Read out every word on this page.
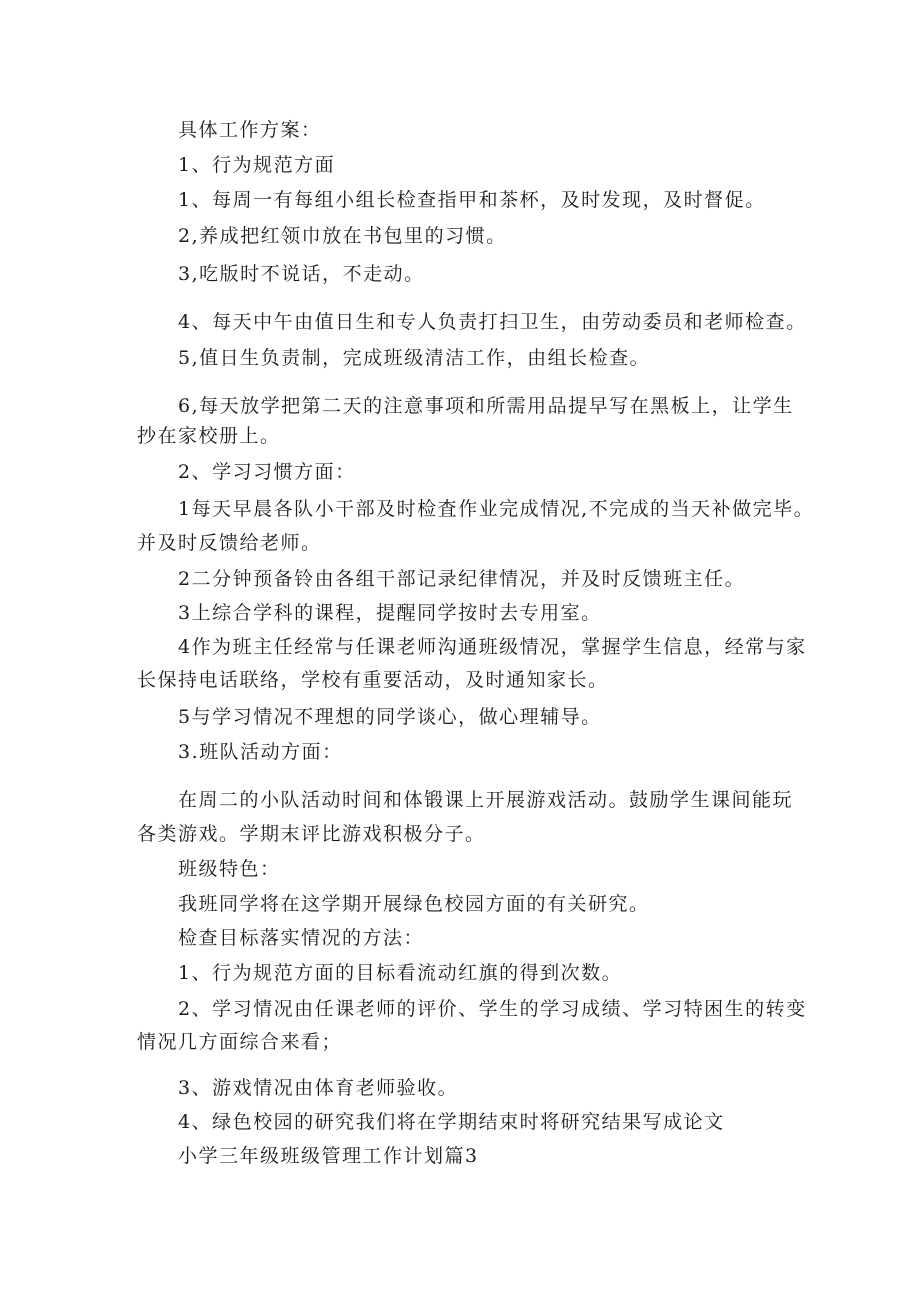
具体工作方案：
1、行为规范方面
1、每周一有每组小组长检查指甲和茶杯，及时发现，及时督促。
2,养成把红领巾放在书包里的习惯。
3,吃版时不说话，不走动。
4、每天中午由值日生和专人负责打扫卫生，由劳动委员和老师检查。
5,值日生负责制，完成班级清洁工作，由组长检查。
6,每天放学把第二天的注意事项和所需用品提早写在黑板上，让学生
抄在家校册上。
2、学习习惯方面：
1每天早晨各队小干部及时检査作业完成情况,不完成的当天补做完毕。
并及时反馈给老师。
2二分钟预备铃由各组干部记录纪律情况，并及时反馈班主任。
3上综合学科的课程，提醒同学按时去专用室。
4作为班主任经常与任课老师沟通班级情况，掌握学生信息，经常与家
长保持电话联络，学校有重要活动，及时通知家长。
5与学习情况不理想的同学谈心，做心理辅导。
3.班队活动方面：
在周二的小队活动时间和体锻课上开展游戏活动。鼓励学生课间能玩
各类游戏。学期末评比游戏积极分子。
班级特色：
我班同学将在这学期开展绿色校园方面的有关研究。
检查目标落实情况的方法：
1、行为规范方面的目标看流动红旗的得到次数。
2、学习情况由任课老师的评价、学生的学习成绩、学习特困生的转变
情况几方面综合来看；
3、游戏情况由体育老师验收。
4、绿色校园的研究我们将在学期结束时将研究结果写成论文
小学三年级班级管理工作计划篇3
